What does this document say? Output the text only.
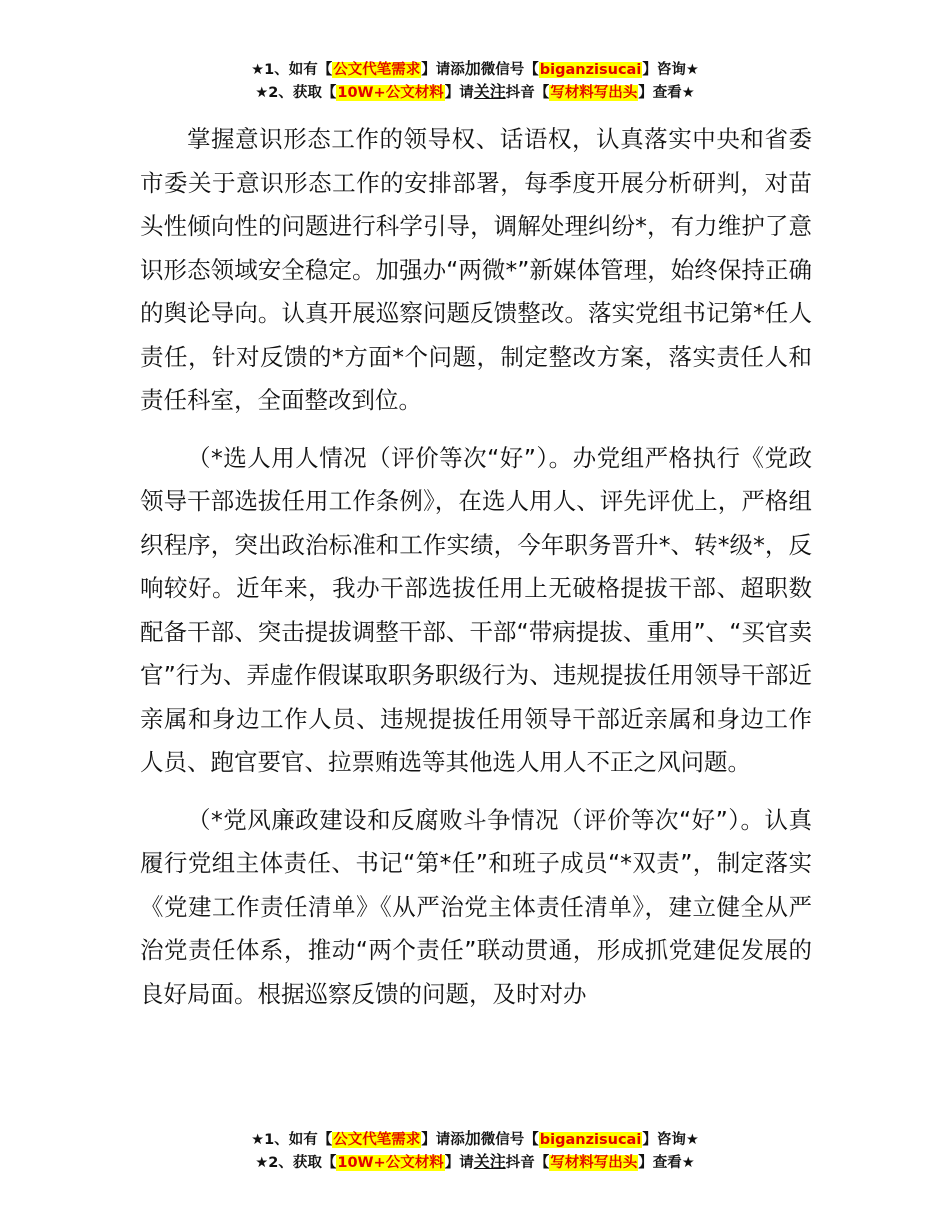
★1、如有【公文代笔需求】请添加微信号【biganzisucai】咨询★
★2、获取【10W+公文材料】请关注抖音【写材料写出头】查看★

掌握意识形态工作的领导权、话语权，认真落实中央和省委市委关于意识形态工作的安排部署，每季度开展分析研判，对苗头性倾向性的问题进行科学引导，调解处理纠纷*，有力维护了意识形态领域安全稳定。加强办“两微*”新媒体管理，始终保持正确的舆论导向。认真开展巡察问题反馈整改。落实党组书记第*任人责任，针对反馈的*方面*个问题，制定整改方案，落实责任人和责任科室，全面整改到位。

（*选人用人情况（评价等次“好”）。办党组严格执行《党政领导干部选拔任用工作条例》，在选人用人、评先评优上，严格组织程序，突出政治标准和工作实绩，今年职务晋升*、转*级*，反响较好。近年来，我办干部选拔任用上无破格提拔干部、超职数配备干部、突击提拔调整干部、干部“带病提拔、重用”、“买官卖官”行为、弄虚作假谋取职务职级行为、违规提拔任用领导干部近亲属和身边工作人员、违规提拔任用领导干部近亲属和身边工作人员、跑官要官、拉票贿选等其他选人用人不正之风问题。

（*党风廉政建设和反腐败斗争情况（评价等次“好”）。认真履行党组主体责任、书记“第*任”和班子成员“*双责”，制定落实《党建工作责任清单》《从严治党主体责任清单》，建立健全从严治党责任体系，推动“两个责任”联动贯通，形成抓党建促发展的良好局面。根据巡察反馈的问题，及时对办

★1、如有【公文代笔需求】请添加微信号【biganzisucai】咨询★
★2、获取【10W+公文材料】请关注抖音【写材料写出头】查看★
